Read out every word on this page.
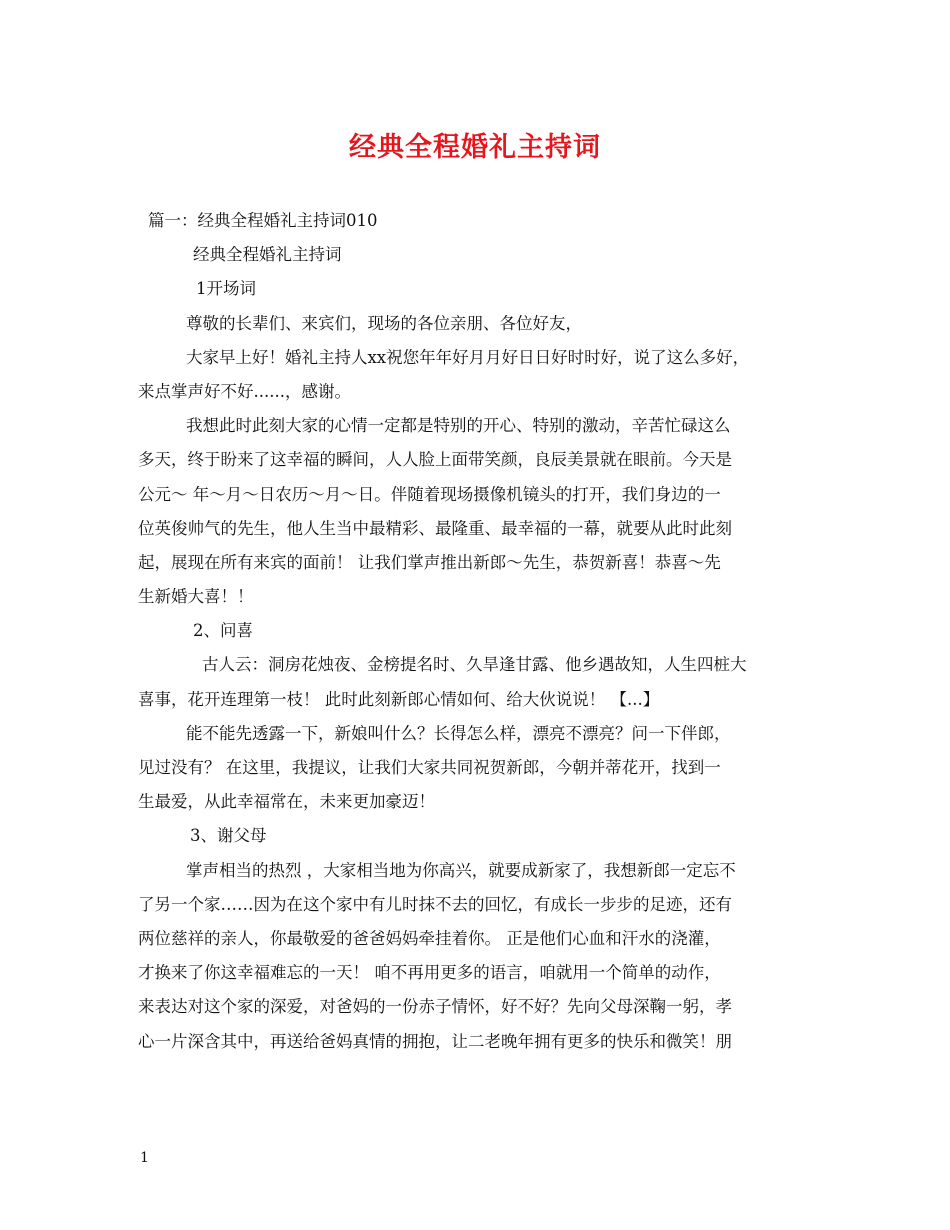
经典全程婚礼主持词
篇一：经典全程婚礼主持词010
经典全程婚礼主持词
1开场词
尊敬的长辈们、来宾们，现场的各位亲朋、各位好友，
大家早上好！婚礼主持人xx祝您年年好月月好日日好时时好，说了这么多好，
来点掌声好不好......，感谢。
我想此时此刻大家的心情一定都是特别的开心、特别的激动，辛苦忙碌这么
多天，终于盼来了这幸福的瞬间，人人脸上面带笑颜，良辰美景就在眼前。今天是
公元～ 年～月～日农历～月～日。伴随着现场摄像机镜头的打开，我们身边的一
位英俊帅气的先生，他人生当中最精彩、最隆重、最幸福的一幕，就要从此时此刻
起，展现在所有来宾的面前！ 让我们掌声推出新郎～先生，恭贺新喜！恭喜～先
生新婚大喜！！
2、问喜
古人云：洞房花烛夜、金榜提名时、久旱逢甘露、他乡遇故知，人生四桩大
喜事，花开连理第一枝！ 此时此刻新郎心情如何、给大伙说说！ 【...】
能不能先透露一下，新娘叫什么？长得怎么样，漂亮不漂亮？问一下伴郎，
见过没有？ 在这里，我提议，让我们大家共同祝贺新郎，今朝并蒂花开，找到一
生最爱，从此幸福常在，未来更加豪迈！
3、谢父母
掌声相当的热烈 ，大家相当地为你高兴，就要成新家了，我想新郎一定忘不
了另一个家……因为在这个家中有儿时抹不去的回忆，有成长一步步的足迹，还有
两位慈祥的亲人，你最敬爱的爸爸妈妈牵挂着你。 正是他们心血和汗水的浇灌，
才换来了你这幸福难忘的一天！ 咱不再用更多的语言，咱就用一个简单的动作，
来表达对这个家的深爱，对爸妈的一份赤子情怀，好不好？先向父母深鞠一躬，孝
心一片深含其中，再送给爸妈真情的拥抱，让二老晚年拥有更多的快乐和微笑！朋
1
